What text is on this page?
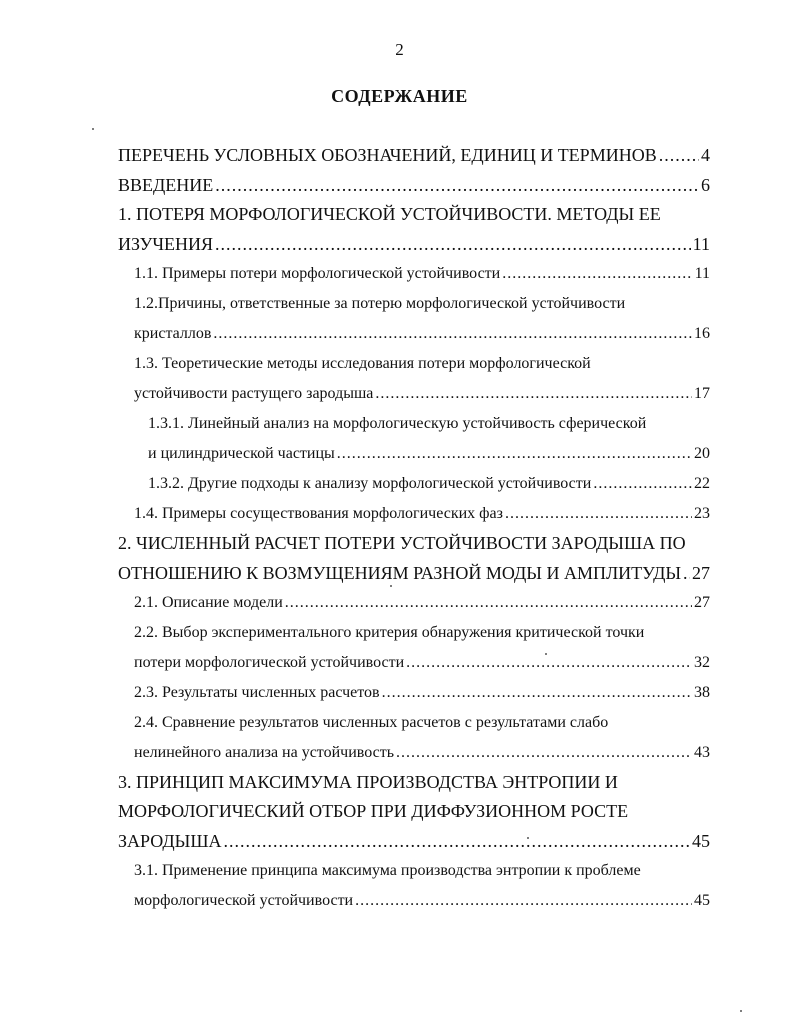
2
СОДЕРЖАНИЕ
ПЕРЕЧЕНЬ УСЛОВНЫХ ОБОЗНАЧЕНИЙ, ЕДИНИЦ И ТЕРМИНОВ ..... 4
ВВЕДЕНИЕ .....	6
1. ПОТЕРЯ МОРФОЛОГИЧЕСКОЙ УСТОЙЧИВОСТИ. МЕТОДЫ ЕЕ
ИЗУЧЕНИЯ .....	11
1.1. Примеры потери морфологической устойчивости .....	11
1.2.Причины, ответственные за потерю морфологической устойчивости
кристаллов .....	16
1.3. Теоретические методы исследования потери морфологической
устойчивости растущего зародыша .....	17
1.3.1. Линейный анализ на морфологическую устойчивость сферической
и цилиндрической частицы .....	20
1.3.2. Другие подходы к анализу морфологической устойчивости .....	22
1.4. Примеры сосуществования морфологических фаз .....	23
2. ЧИСЛЕННЫЙ РАСЧЕТ ПОТЕРИ УСТОЙЧИВОСТИ ЗАРОДЫША ПО
ОТНОШЕНИЮ К ВОЗМУЩЕНИЯМ РАЗНОЙ МОДЫ И АМПЛИТУДЫ ..... 27
2.1. Описание модели .....	27
2.2. Выбор экспериментального критерия обнаружения критической точки
потери морфологической устойчивости .....	32
2.3. Результаты численных расчетов .....	38
2.4. Сравнение результатов численных расчетов с результатами слабо
нелинейного анализа на устойчивость .....	43
3. ПРИНЦИП МАКСИМУМА ПРОИЗВОДСТВА ЭНТРОПИИ И
МОРФОЛОГИЧЕСКИЙ ОТБОР ПРИ ДИФФУЗИОННОМ РОСТЕ
ЗАРОДЫША .....	45
3.1. Применение принципа максимума производства энтропии к проблеме
морфологической устойчивости .....	45
